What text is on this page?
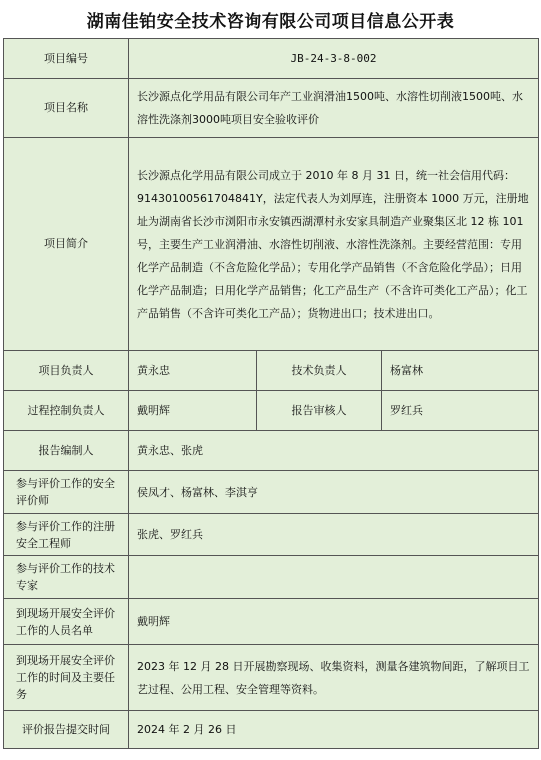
湖南佳铂安全技术咨询有限公司项目信息公开表
项目编号	JB-24-3-8-002		
项目名称	长沙源点化学用品有限公司年产工业润滑油1500吨、水溶性切削液1500吨、水溶性洗涤剂3000吨项目安全验收评价		
项目简介	长沙源点化学用品有限公司成立于 2010 年 8 月 31 日，统一社会信用代码：91430100561704841Y，法定代表人为刘厚连，注册资本 1000 万元，注册地址为湖南省长沙市浏阳市永安镇西湖潭村永安家具制造产业聚集区北 12 栋 101 号，主要生产工业润滑油、水溶性切削液、水溶性洗涤剂。主要经营范围：专用化学产品制造（不含危险化学品）；专用化学产品销售（不含危险化学品）；日用化学产品制造；日用化学产品销售；化工产品生产（不含许可类化工产品）；化工产品销售（不含许可类化工产品）；货物进出口；技术进出口。		
项目负责人	黄永忠	技术负责人	杨富林
过程控制负责人	戴明辉	报告审核人	罗红兵
报告编制人	黄永忠、张虎		
参与评价工作的安全评价师	侯凤才、杨富林、李淇亨		
参与评价工作的注册安全工程师	张虎、罗红兵		
参与评价工作的技术专家			
到现场开展安全评价工作的人员名单	戴明辉		
到现场开展安全评价工作的时间及主要任务	2023 年 12 月 28 日开展勘察现场、收集资料，测量各建筑物间距，了解项目工艺过程、公用工程、安全管理等资料。		
评价报告提交时间	2024 年 2 月 26 日		
